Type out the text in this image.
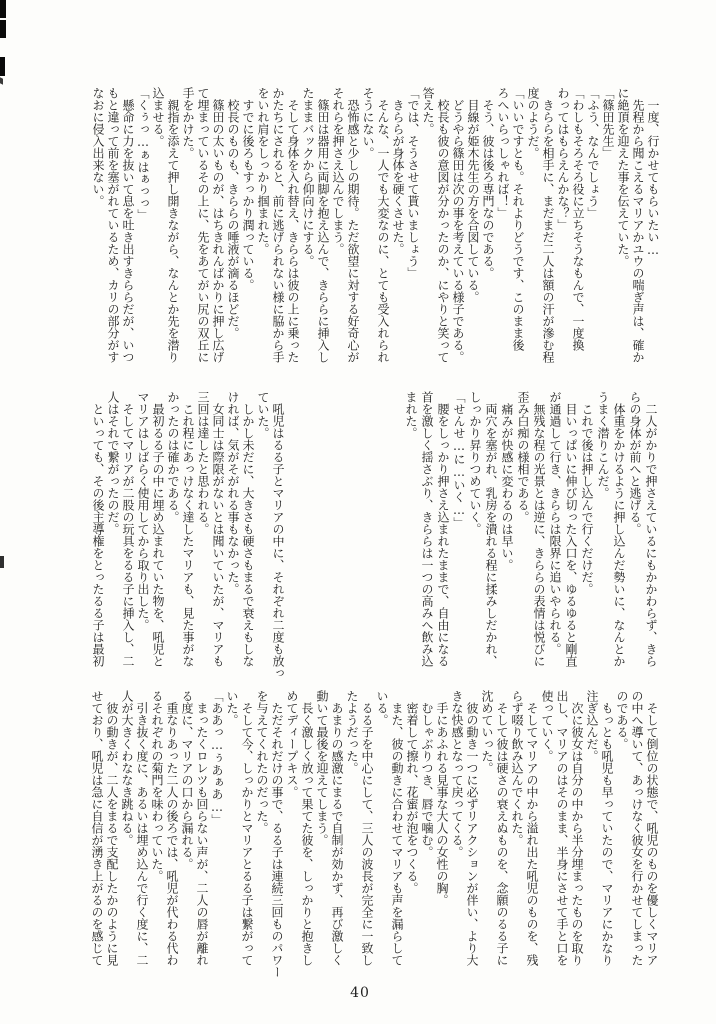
　一度、行かせてもらいたい…
　先程から聞こえるマリアかユウの喘ぎ声は、確か
に絶頂を迎えた事を伝えていた。
「篠田先生」
「ふう、なんでしょう」
「わしもそろそろ役に立ちそうなもんで、一度換
わってはもらえんかな？」
　きららを相手に、まだまだ二人は額の汗が滲む程
度のようだ。
「いいですとも。それよりどうです、このまま後
ろへいらっしゃれば！」
　そう、彼は後ろ専門なのである。
　目線が姫木先生の方を合図している。
　どうやら篠田は次の事を考えている様子である。
　校長も彼の意図が分かったのか、にやりと笑って
答えた。
「では、そうさせて貰いましょう」
　きららが身体を硬くさせた。
　そんな、一人でも大変なのに、とても受入れられ
そうにない。
　恐怖感と少しの期待。ただ欲望に対する好奇心が
それらを押さえ込んでしまう。
　篠田は器用に両脚を抱え込んで、きららに挿入し
たままバックから仰向けにする。
　そして身体を入れ替え、きららは彼の上に乗った
かたちにされると、前に逃げられない様に脇から手
をいれ肩をしっかり掴まれた。
　すでに後ろもすっかり潤っている。
　校長のものも、きららの唾液が滴るほどだ。
　篠田の太いものが、はちきれんばかりに押し広げ
て埋まっているその上に、先をあてがい尻の双丘に
手をかけた。
　親指を添えて押し開きながら、なんとか先を潜り
込ませる。
「くぅっ…ぁはぁっっ」
　懸命に力を抜いて息を吐き出すきららだが、いつ
もと違って前を塞がれているため、カリの部分がす
なおに侵入出来ない。
　二人がかりで押さえているにもかかわらず、きら
らの身体が前へと逃げる。
　体重をかけるように押し込んだ勢いに、なんとか
うまく潜りこんだ。
　これで後は押し込んで行くだけだ。
　目いっぱいに伸び切った入口を、ゆるゆると剛直
が通過して行き、きららは限界に追いやられる。
　無残な程の光景とは逆に、きららの表情は悦びに
歪み白痴の様相である。
　痛みが快感に変わるのは早い。
　両穴を塞がれ、乳房を潰れる程に揉みしだかれ、
しっかり昇りつめていく。
「せんせ…に…いく…」
　腰をしっかり押さえ込まれたままで、自由になる
首を激しく揺さぶり、きららは一つの高みへ飲み込
まれた。
　吼児はるる子とマリアの中に、それぞれ二度も放っ
ていた。
　しかし未だに、大きさも硬さもまるで衰えもしな
ければ、気がそがれる事もなかった。
　女同士は際限がないとは聞いていたが、マリアも
三回は達したと思われる。
　これ程にあっけなく達したマリアも、見た事がな
かったのは確かである。
　最初るる子の中に埋め込まれていた物を、吼児と
マリアはしばらく使用してから取り出した。
　そしてマリアが二股の玩具をるる子に挿入し、二
人はそれで繋がったのだ。
　といっても、その後主導権をとったるる子は最初
　そして倒位の状態で、吼児のものを優しくマリア
の中へ導いて、あっけなく彼女を行かせてしまった
のである。
　もっとも吼児も早っていたので、マリアにかなり
注ぎ込んだ。
　次に彼女は自分の中から半分埋まったものを取り
出し、マリアのはそのまま、半身にさせて手と口を
使っていく。
　そしてマリアの中から溢れ出た吼児のものを、残
らず啜り飲み込んでくれた。
　そして彼は硬さの衰えぬものを、念願のるる子に
沈めていった。
　彼の動き一つに必ずリアクションが伴い、より大
きな快感となって戻ってくる。
　手にあふれる見事な大人の女性の胸。
　むしゃぶりつき、唇で噛む。
　密着して擦れ、花蜜が泡をつくる。
　また、彼の動きに合わせてマリアも声を漏らして
いる。
　るる子を中心にして、三人の波長が完全に一致し
たようだった。
　あまりの感激にまるで自制が効かず、再び激しく
動いて最後を迎えてしまう。
　長く激しく放って果てた彼を、しっかりと抱きし
めてディープキス。
　ただそれだけの事で、るる子は連続三回ものパワー
を与えてくれたのだった。
　そして今、しっかりとマリアとるる子は繋がって
いた。
「ああっ…ぅあぁあ…」
　まったくロレツも回らない声が、二人の唇が離れ
る度に、マリアの口から漏れる。
　重なりあった二人の後ろでは、吼児が代わる代わ
るそれぞれの菊門を味わっていた。
　引き抜く度に、あるいは埋め込んで行く度に、二
人が大きくわななき跳ねる。
　彼の動きが、二人をまるで支配したかのように見
せており、吼児は急に自信が湧き上がるのを感じて
40
